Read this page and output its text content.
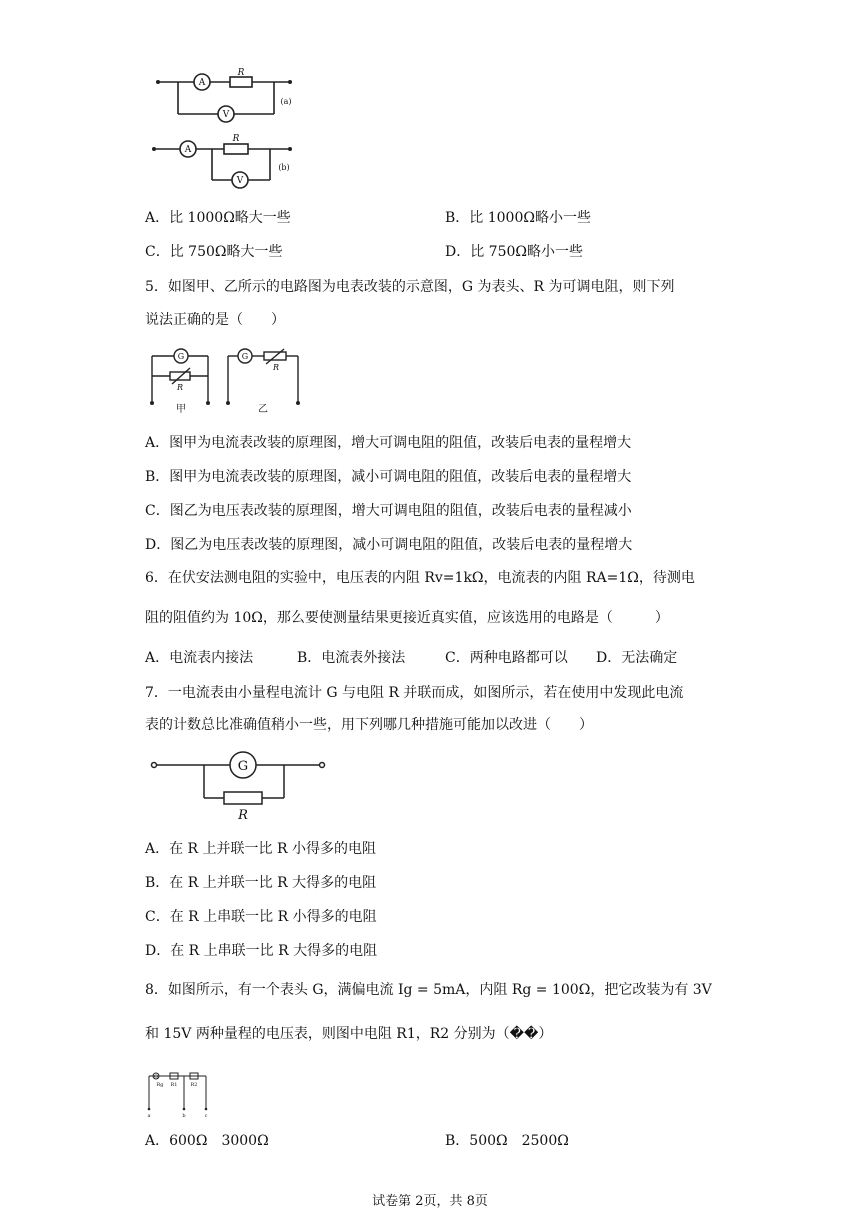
A
V
R
(a)
A
V
R
(b)
A．比 1000Ω略大一些	B．比 1000Ω略小一些
C．比 750Ω略大一些	D．比 750Ω略小一些
5．如图甲、乙所示的电路图为电表改装的示意图，G 为表头、R 为可调电阻，则下列
说法正确的是（　　）
G
R
G
R
甲	乙
A．图甲为电流表改装的原理图，增大可调电阻的阻值，改装后电表的量程增大
B．图甲为电流表改装的原理图，减小可调电阻的阻值，改装后电表的量程增大
C．图乙为电压表改装的原理图，增大可调电阻的阻值，改装后电表的量程减小
D．图乙为电压表改装的原理图，减小可调电阻的阻值，改装后电表的量程增大
6．在伏安法测电阻的实验中，电压表的内阻 Rv=1kΩ，电流表的内阻 RA=1Ω，待测电
阻的阻值约为 10Ω，那么要使测量结果更接近真实值，应该选用的电路是（　　　）
A．电流表内接法	B．电流表外接法	C．两种电路都可以 D．无法确定
7．一电流表由小量程电流计 G 与电阻 R 并联而成，如图所示，若在使用中发现此电流
表的计数总比准确值稍小一些，用下列哪几种措施可能加以改进（　　）
G
R
A．在 R 上并联一比 R 小得多的电阻
B．在 R 上并联一比 R 大得多的电阻
C．在 R 上串联一比 R 小得多的电阻
D．在 R 上串联一比 R 大得多的电阻
8．如图所示，有一个表头 G，满偏电流 Ig = 5mA，内阻 Rg = 100Ω，把它改装为有 3V
和 15V 两种量程的电压表，则图中电阻 R1，R2 分别为（��）
G
Rg R1	R2
a	b	c
A．600Ω　3000Ω	B．500Ω　2500Ω
试卷第 2页，共 8页
